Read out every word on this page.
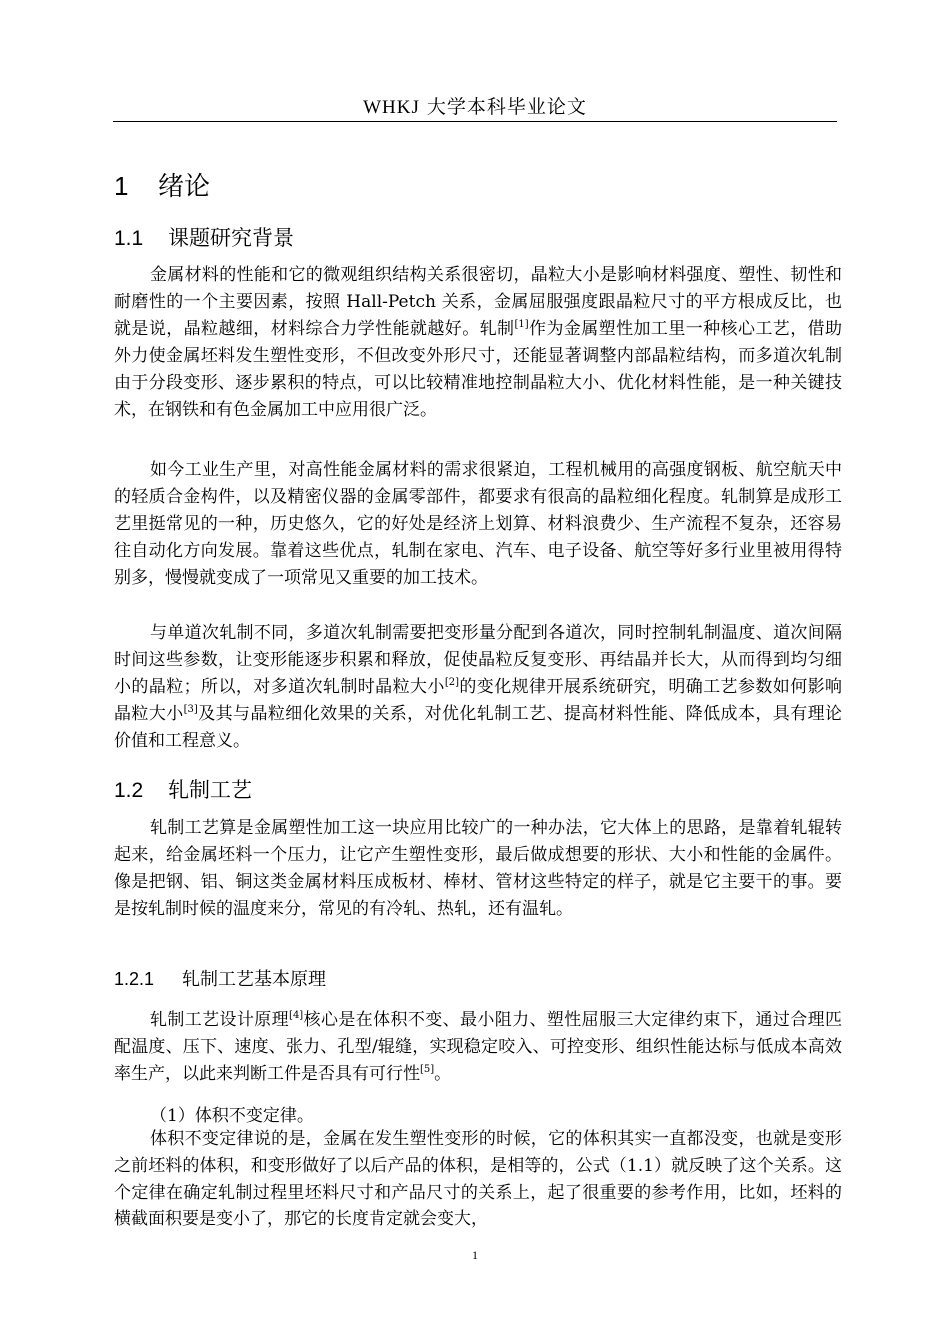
WHKJ 大学本科毕业论文
1 绪论
1.1 课题研究背景

金属材料的性能和它的微观组织结构关系很密切，晶粒大小是影响材料强度、塑性、韧性和耐磨性的一个主要因素，按照 Hall-Petch 关系，金属屈服强度跟晶粒尺寸的平方根成反比，也就是说，晶粒越细，材料综合力学性能就越好。轧制[1]作为金属塑性加工里一种核心工艺，借助外力使金属坯料发生塑性变形，不但改变外形尺寸，还能显著调整内部晶粒结构，而多道次轧制由于分段变形、逐步累积的特点，可以比较精准地控制晶粒大小、优化材料性能，是一种关键技术，在钢铁和有色金属加工中应用很广泛。

如今工业生产里，对高性能金属材料的需求很紧迫，工程机械用的高强度钢板、航空航天中的轻质合金构件，以及精密仪器的金属零部件，都要求有很高的晶粒细化程度。轧制算是成形工艺里挺常见的一种，历史悠久，它的好处是经济上划算、材料浪费少、生产流程不复杂，还容易往自动化方向发展。靠着这些优点，轧制在家电、汽车、电子设备、航空等好多行业里被用得特别多，慢慢就变成了一项常见又重要的加工技术。

与单道次轧制不同，多道次轧制需要把变形量分配到各道次，同时控制轧制温度、道次间隔时间这些参数，让变形能逐步积累和释放，促使晶粒反复变形、再结晶并长大，从而得到均匀细小的晶粒；所以，对多道次轧制时晶粒大小[2]的变化规律开展系统研究，明确工艺参数如何影响晶粒大小[3]及其与晶粒细化效果的关系，对优化轧制工艺、提高材料性能、降低成本，具有理论价值和工程意义。

1.2 轧制工艺

轧制工艺算是金属塑性加工这一块应用比较广的一种办法，它大体上的思路，是靠着轧辊转起来，给金属坯料一个压力，让它产生塑性变形，最后做成想要的形状、大小和性能的金属件。像是把钢、铝、铜这类金属材料压成板材、棒材、管材这些特定的样子，就是它主要干的事。要是按轧制时候的温度来分，常见的有冷轧、热轧，还有温轧。

1.2.1 轧制工艺基本原理

轧制工艺设计原理[4]核心是在体积不变、最小阻力、塑性屈服三大定律约束下，通过合理匹配温度、压下、速度、张力、孔型/辊缝，实现稳定咬入、可控变形、组织性能达标与低成本高效率生产，以此来判断工件是否具有可行性[5]。

（1）体积不变定律。

体积不变定律说的是，金属在发生塑性变形的时候，它的体积其实一直都没变，也就是变形之前坯料的体积，和变形做好了以后产品的体积，是相等的，公式（1.1）就反映了这个关系。这个定律在确定轧制过程里坯料尺寸和产品尺寸的关系上，起了很重要的参考作用，比如，坯料的横截面积要是变小了，那它的长度肯定就会变大，

1
